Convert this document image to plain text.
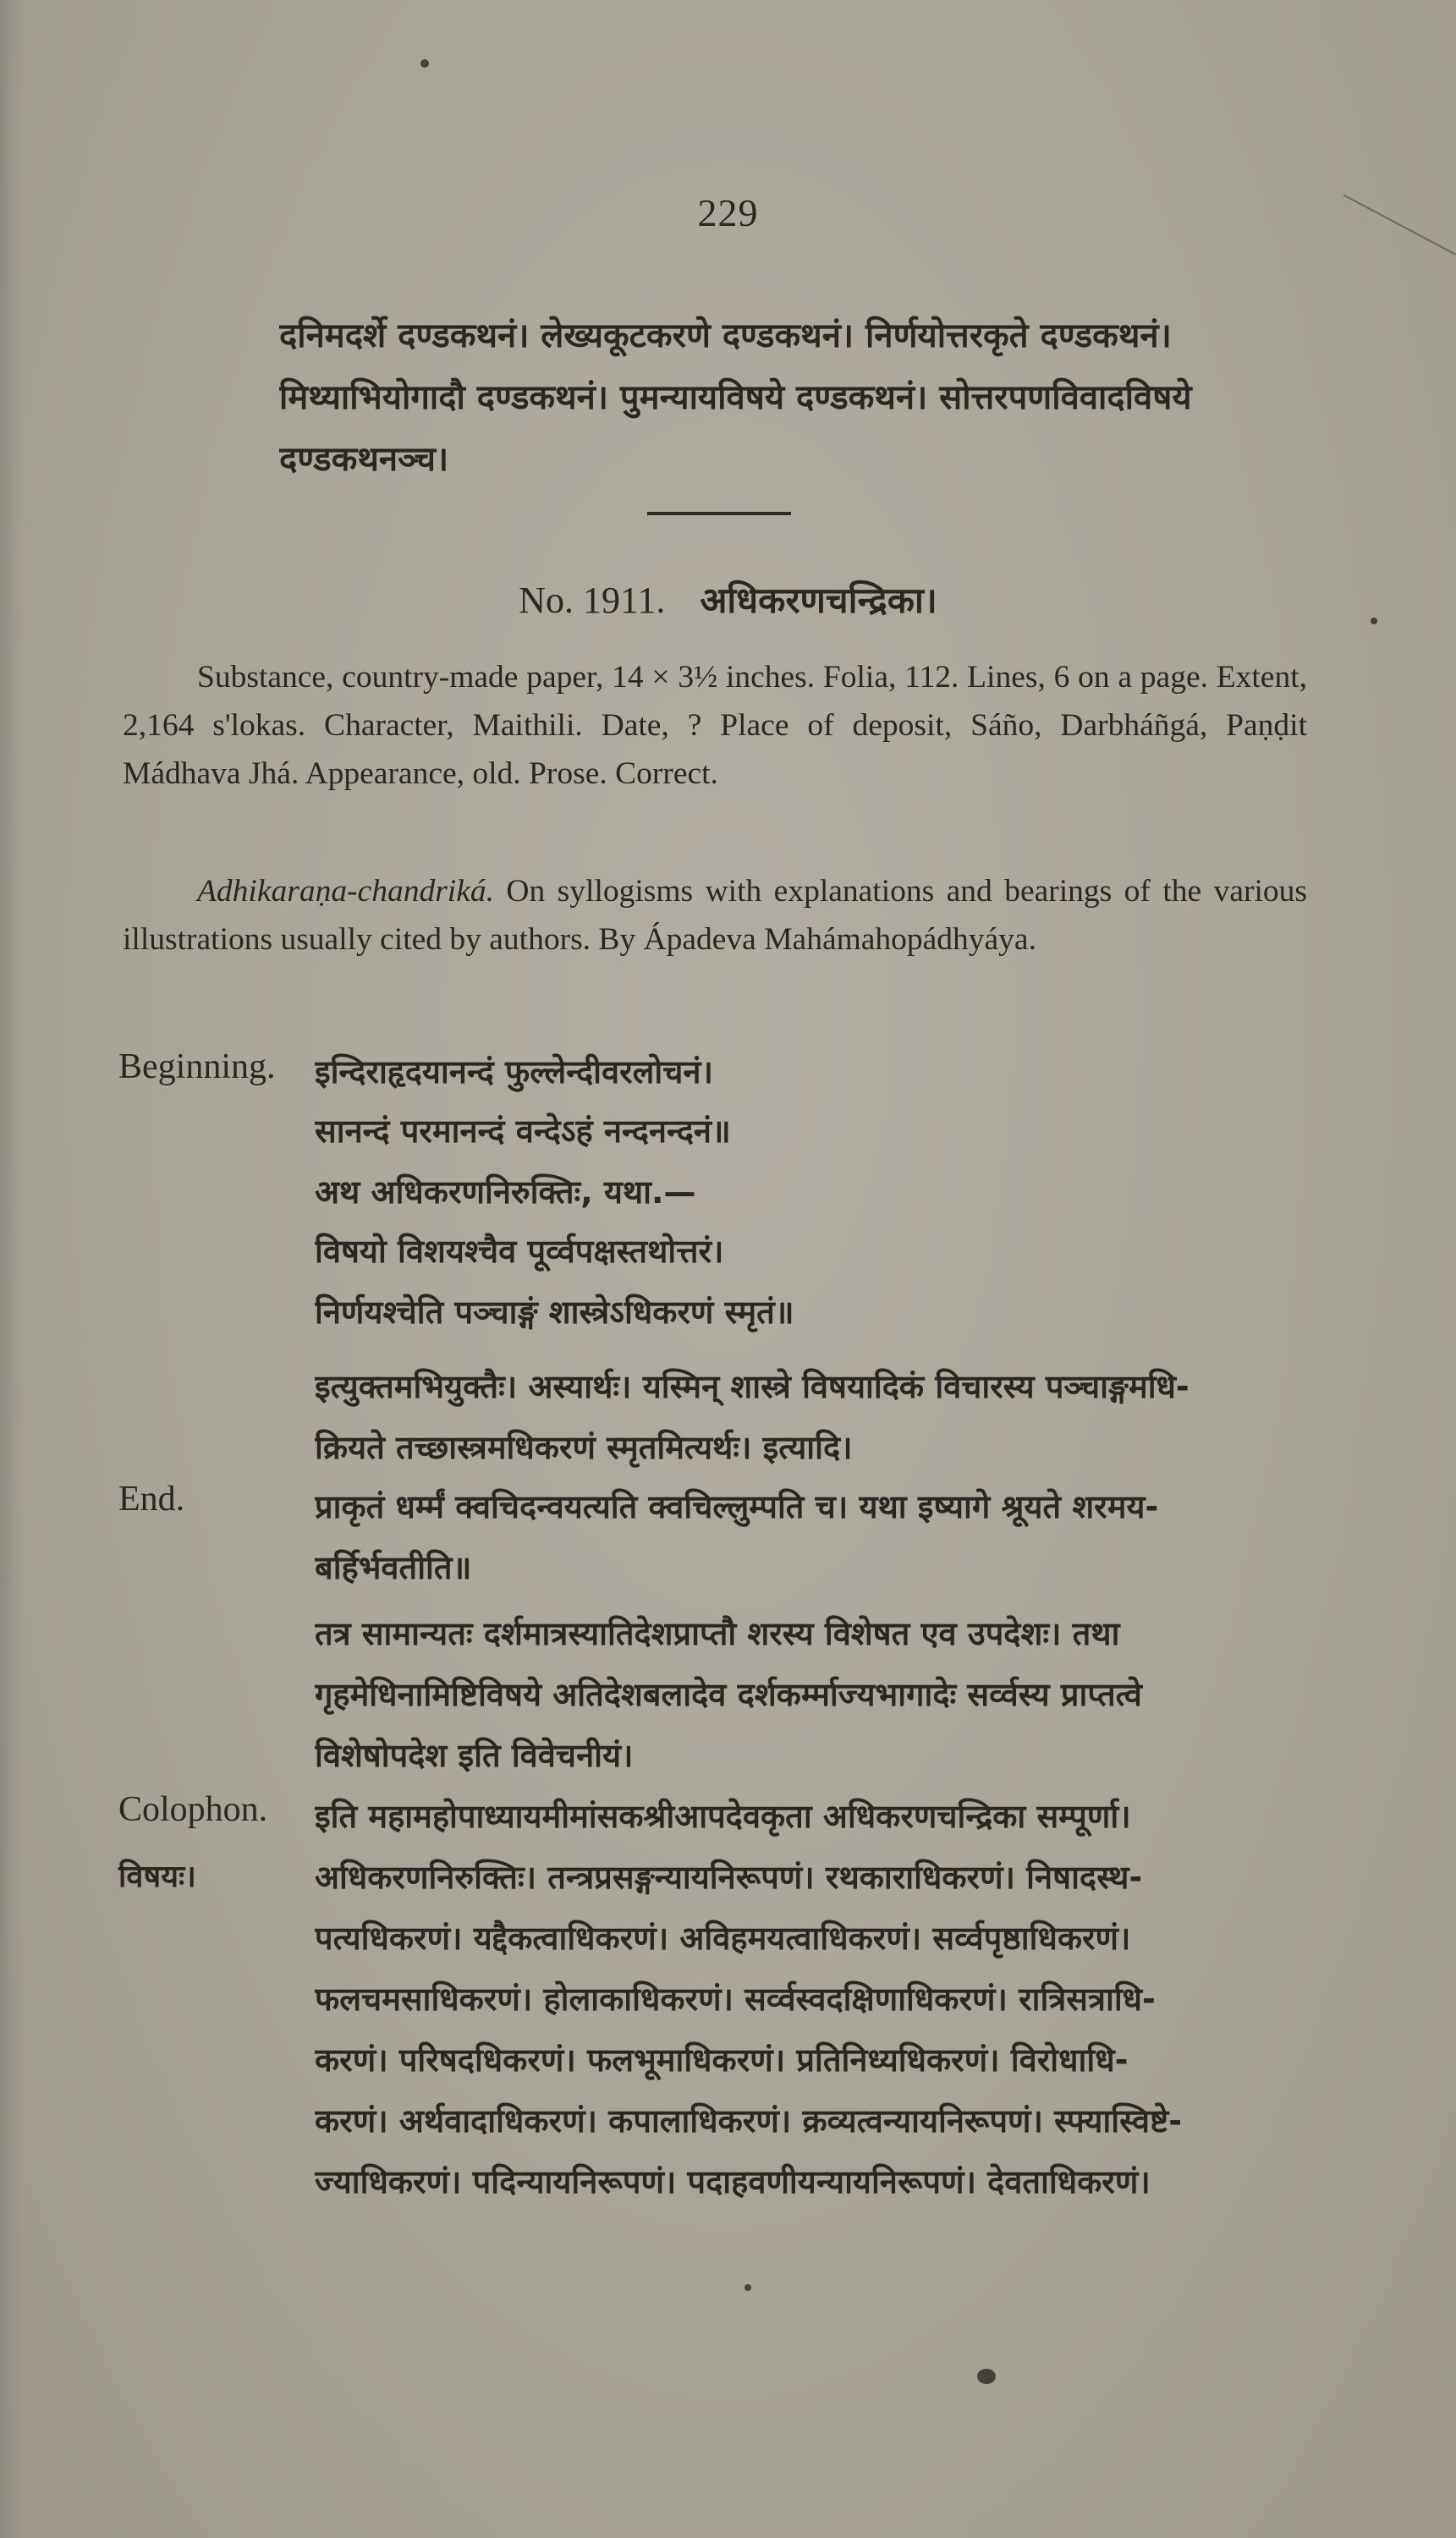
229
दनिमदर्शे दण्डकथनं। लेख्यकूटकरणे दण्डकथनं। निर्णयोत्तरकृते दण्डकथनं।
मिथ्याभियोगादौ दण्डकथनं। पुमन्यायविषये दण्डकथनं। सोत्तरपणविवादविषये
दण्डकथनञ्च।
No. 1911. अधिकरणचन्द्रिका।
Substance, country-made paper, 14 × 3½ inches. Folia, 112. Lines, 6 on a page. Extent, 2,164 s'lokas. Character, Maithili. Date, ? Place of deposit, Sáño, Darbháñgá, Paṇḍit Mádhava Jhá. Appearance, old. Prose. Correct.
Adhikaraṇa-chandriká. On syllogisms with explanations and bearings of the various illustrations usually cited by authors. By Ápadeva Mahámahopádhyáya.
Beginning. इन्दिराहृदयानन्दं फुल्लेन्दीवरलोचनं।
सानन्दं परमानन्दं वन्देऽहं नन्दनन्दनं॥
अथ अधिकरणनिरुक्तिः, यथा.—
विषयो विशयश्चैव पूर्व्वपक्षस्तथोत्तरं।
निर्णयश्चेति पञ्चाङ्गं शास्त्रेऽधिकरणं स्मृतं॥
इत्युक्तमभियुक्तैः। अस्यार्थः। यस्मिन् शास्त्रे विषयादिकं विचारस्य पञ्चाङ्गमधि-
क्रियते तच्छास्त्रमधिकरणं स्मृतमित्यर्थः। इत्यादि।
End.	प्राकृतं धर्म्मं क्वचिदन्वयत्यति क्वचिल्लुम्पति च। यथा इष्यागे श्रूयते शरमय-
बर्हिर्भवतीति॥
तत्र सामान्यतः दर्शमात्रस्यातिदेशप्राप्तौ शरस्य विशेषत एव उपदेशः। तथा
गृहमेधिनामिष्टिविषये अतिदेशबलादेव दर्शकर्म्माज्यभागादेः सर्व्वस्य प्राप्तत्वे
विशेषोपदेश इति विवेचनीयं।
Colophon. इति महामहोपाध्यायमीमांसकश्रीआपदेवकृता अधिकरणचन्द्रिका सम्पूर्णा।
विषयः।	अधिकरणनिरुक्तिः। तन्त्रप्रसङ्गन्यायनिरूपणं। रथकाराधिकरणं। निषादस्थ-
पत्यधिकरणं। यद्दैकत्वाधिकरणं। अविहमयत्वाधिकरणं। सर्व्वपृष्ठाधिकरणं।
फलचमसाधिकरणं। होलाकाधिकरणं। सर्व्वस्वदक्षिणाधिकरणं। रात्रिसत्राधि-
करणं। परिषदधिकरणं। फलभूमाधिकरणं। प्रतिनिध्यधिकरणं। विरोधाधि-
करणं। अर्थवादाधिकरणं। कपालाधिकरणं। क्रव्यत्वन्यायनिरूपणं। स्फ्यास्विष्टे-
ज्याधिकरणं। पदिन्यायनिरूपणं। पदाहवणीयन्यायनिरूपणं। देवताधिकरणं।
